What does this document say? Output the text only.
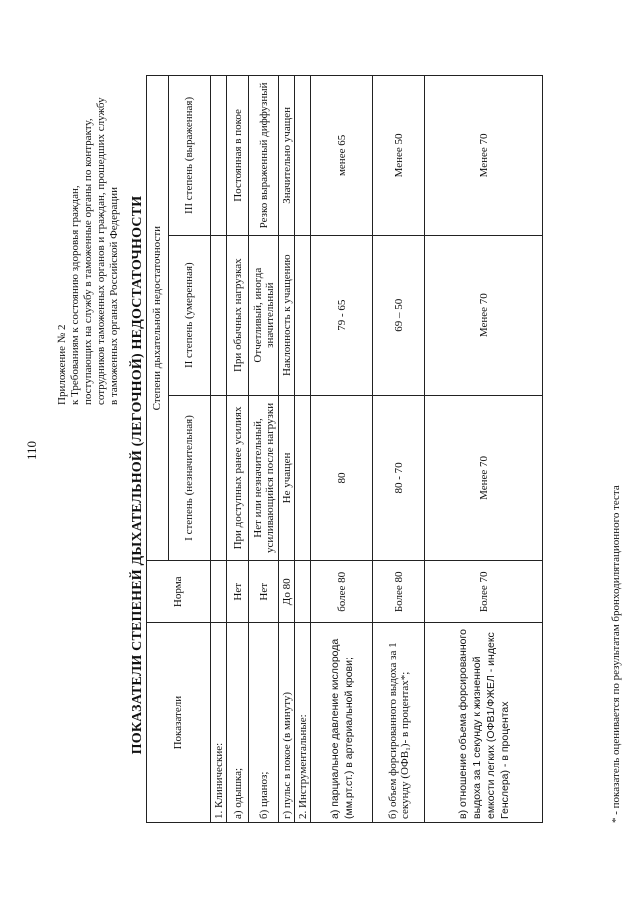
110
Приложение № 2 к Требованиям к состоянию здоровья граждан, поступающих на службу в таможенные органы по контракту, сотрудников таможенных органов и граждан, прошедших службу в таможенных органах Российской Федерации ПОКАЗАТЕЛИ СТЕПЕНЕЙ ДЫХАТЕЛЬНОЙ (ЛЕГОЧНОЙ) НЕДОСТАТОЧНОСТИ Показатели	Норма	Степени дыхательной недостаточности		
		I степень (незначительная)	II степень (умеренная)	III степень (выраженная)
1. Клинические:				
а) одышка;	Нет	При доступных ранее усилиях	При обычных нагрузках	Постоянная в покое
б) цианоз;	Нет	Нет или незначительный, усиливающийся после нагрузки	Отчетливый, иногда значительный	Резко выраженный диффузный
г) пульс в покое (в минуту)	До 80	Не учащен	Наклонность к учащению	Значительно учащен
2. Инструментальные:				
а) парциальное давление кислорода (мм.рт.ст.) в артериальной крови;	более 80	80	79 - 65	менее 65
б) объем форсированного выдоха за 1 секунду (ОФВ₁)- в процентах*;	Более 80	80 - 70	69 – 50	Менее 50
в) отношение объема форсированного выдоха за 1 секунду к жизненной емкости легких (ОФВ1/ФЖЕЛ - индекс Генслера) - в процентах	Более 70	Менее 70	Менее 70	Менее 70
* - показатель оценивается по результатам бронходилятационного теста
